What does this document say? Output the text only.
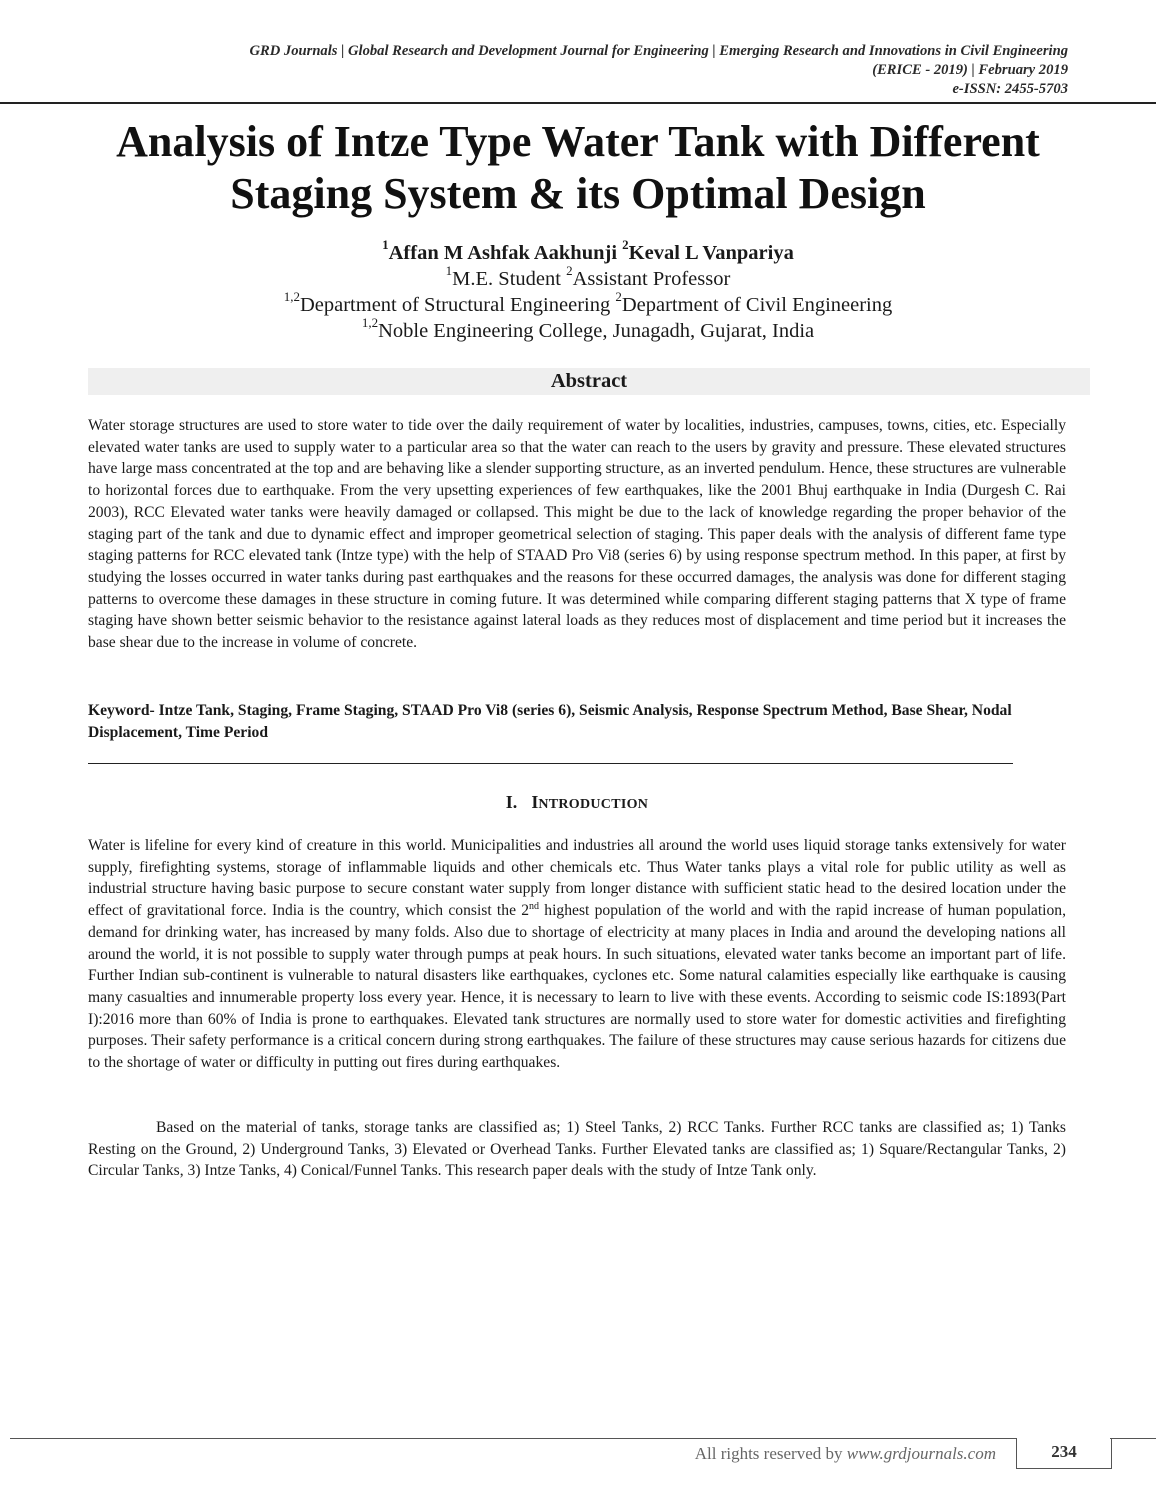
GRD Journals | Global Research and Development Journal for Engineering | Emerging Research and Innovations in Civil Engineering
(ERICE - 2019) | February 2019
e-ISSN: 2455-5703
Analysis of Intze Type Water Tank with Different
Staging System & its Optimal Design
$^1$Affan M Ashfak Aakhunji $^2$Keval L Vanpariya
$^1$M.E. Student $^2$Assistant Professor
$^{1,2}$Department of Structural Engineering $^2$Department of Civil Engineering
$^{1,2}$Noble Engineering College, Junagadh, Gujarat, India
Abstract
Water storage structures are used to store water to tide over the daily requirement of water by localities, industries, campuses, towns, cities, etc. Especially elevated water tanks are used to supply water to a particular area so that the water can reach to the users by gravity and pressure. These elevated structures have large mass concentrated at the top and are behaving like a slender supporting structure, as an inverted pendulum. Hence, these structures are vulnerable to horizontal forces due to earthquake. From the very upsetting experiences of few earthquakes, like the 2001 Bhuj earthquake in India (Durgesh C. Rai 2003), RCC Elevated water tanks were heavily damaged or collapsed. This might be due to the lack of knowledge regarding the proper behavior of the staging part of the tank and due to dynamic effect and improper geometrical selection of staging. This paper deals with the analysis of different fame type staging patterns for RCC elevated tank (Intze type) with the help of STAAD Pro Vi8 (series 6) by using response spectrum method. In this paper, at first by studying the losses occurred in water tanks during past earthquakes and the reasons for these occurred damages, the analysis was done for different staging patterns to overcome these damages in these structure in coming future. It was determined while comparing different staging patterns that X type of frame staging have shown better seismic behavior to the resistance against lateral loads as they reduces most of displacement and time period but it increases the base shear due to the increase in volume of concrete.
Keyword- Intze Tank, Staging, Frame Staging, STAAD Pro Vi8 (series 6), Seismic Analysis, Response Spectrum Method, Base Shear, Nodal Displacement, Time Period
I. INTRODUCTION
Water is lifeline for every kind of creature in this world. Municipalities and industries all around the world uses liquid storage tanks extensively for water supply, firefighting systems, storage of inflammable liquids and other chemicals etc. Thus Water tanks plays a vital role for public utility as well as industrial structure having basic purpose to secure constant water supply from longer distance with sufficient static head to the desired location under the effect of gravitational force. India is the country, which consist the 2nd highest population of the world and with the rapid increase of human population, demand for drinking water, has increased by many folds. Also due to shortage of electricity at many places in India and around the developing nations all around the world, it is not possible to supply water through pumps at peak hours. In such situations, elevated water tanks become an important part of life. Further Indian sub-continent is vulnerable to natural disasters like earthquakes, cyclones etc. Some natural calamities especially like earthquake is causing many casualties and innumerable property loss every year. Hence, it is necessary to learn to live with these events. According to seismic code IS:1893(Part I):2016 more than 60% of India is prone to earthquakes. Elevated tank structures are normally used to store water for domestic activities and firefighting purposes. Their safety performance is a critical concern during strong earthquakes. The failure of these structures may cause serious hazards for citizens due to the shortage of water or difficulty in putting out fires during earthquakes.
Based on the material of tanks, storage tanks are classified as; 1) Steel Tanks, 2) RCC Tanks. Further RCC tanks are classified as; 1) Tanks Resting on the Ground, 2) Underground Tanks, 3) Elevated or Overhead Tanks. Further Elevated tanks are classified as; 1) Square/Rectangular Tanks, 2) Circular Tanks, 3) Intze Tanks, 4) Conical/Funnel Tanks. This research paper deals with the study of Intze Tank only.
All rights reserved by www.grdjournals.com	234
